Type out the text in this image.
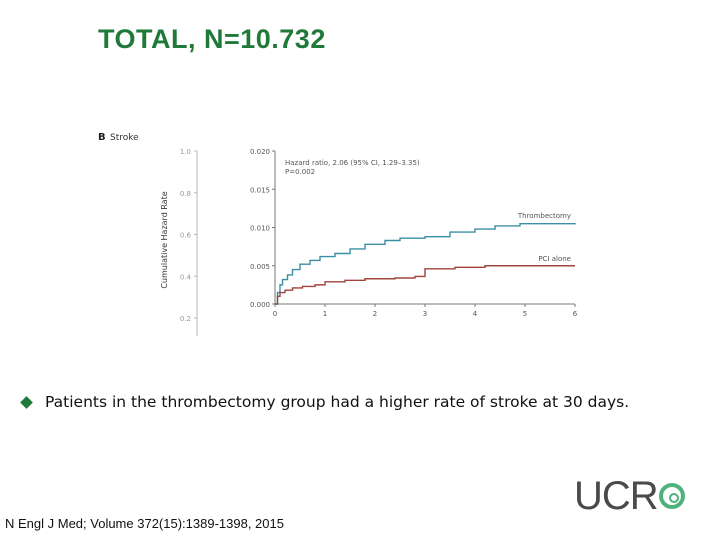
TOTAL, N=10.732
B Stroke
Cumulative Hazard Rate
1.0
0.8
0.6
0.4
0.2
0.020
0.015
0.010
0.005
0.000
0	1	2	3	4	5	6
Hazard ratio, 2.06 (95% CI, 1.29–3.35)
P=0.002
Thrombectomy
PCI alone
Patients in the thrombectomy group had a higher rate of stroke at 30 days.
N Engl J Med; Volume 372(15):1389-1398, 2015
UCR
